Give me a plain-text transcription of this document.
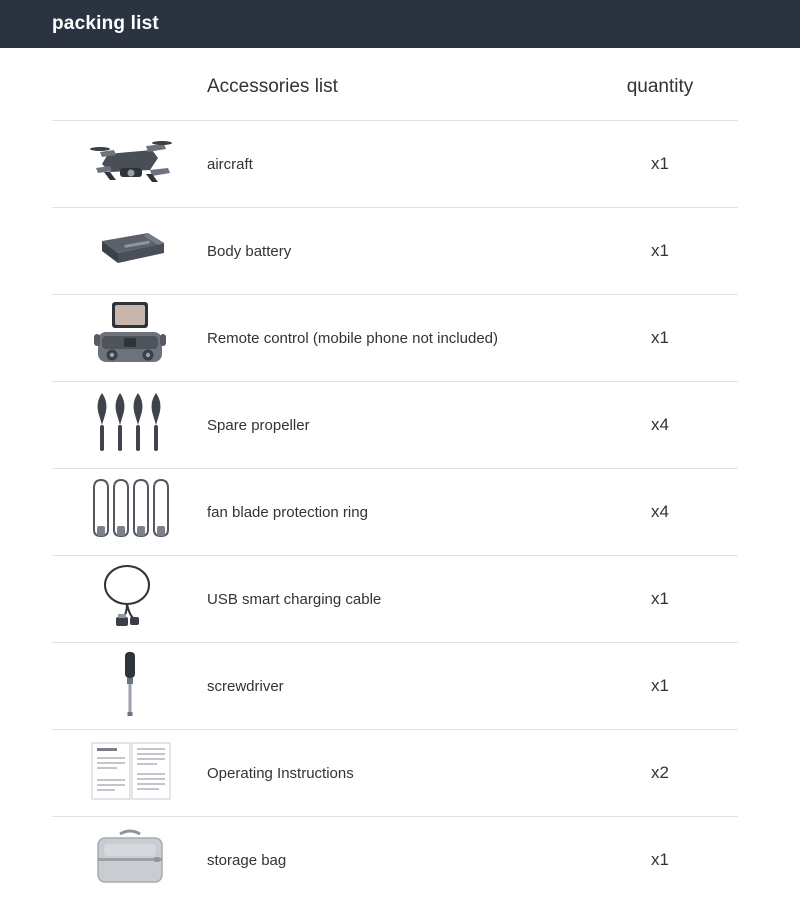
packing list
	Accessories list	quantity

	aircraft	x1

	Body battery	x1

	Remote control (mobile phone not included)	x1

	Spare propeller	x4

	fan blade protection ring	x4

	USB smart charging cable	x1

	screwdriver	x1

	Operating Instructions	x2

	storage bag	x1
